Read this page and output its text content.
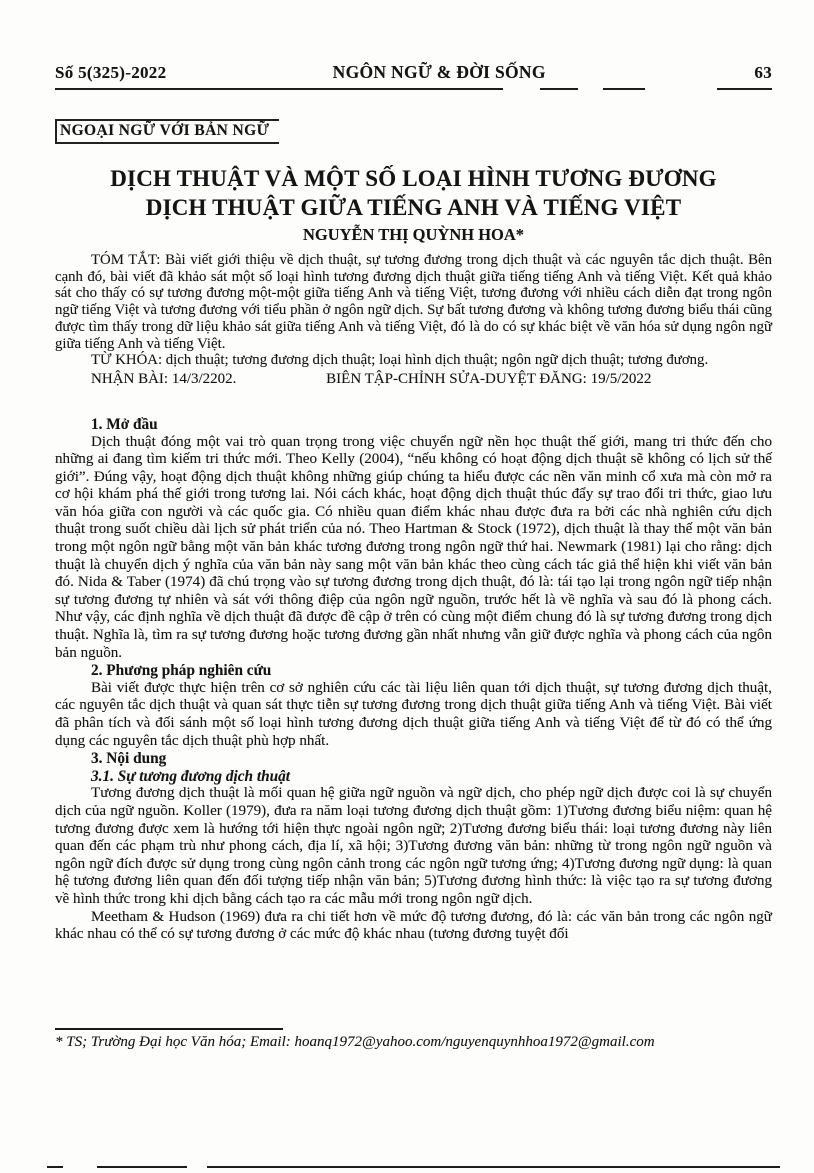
Số 5(325)-2022	NGÔN NGỮ & ĐỜI SỐNG	63
NGOẠI NGỮ VỚI BẢN NGỮ
DỊCH THUẬT VÀ MỘT SỐ LOẠI HÌNH TƯƠNG ĐƯƠNG
DỊCH THUẬT GIỮA TIẾNG ANH VÀ TIẾNG VIỆT
NGUYỄN THỊ QUỲNH HOA*

TÓM TẮT: Bài viết giới thiệu về dịch thuật, sự tương đương trong dịch thuật và các nguyên tắc dịch thuật. Bên cạnh đó, bài viết đã khảo sát một số loại hình tương đương dịch thuật giữa tiếng tiếng Anh và tiếng Việt. Kết quả khảo sát cho thấy có sự tương đương một-một giữa tiếng Anh và tiếng Việt, tương đương với nhiều cách diễn đạt trong ngôn ngữ tiếng Việt và tương đương với tiểu phần ở ngôn ngữ dịch. Sự bất tương đương và không tương đương biểu thái cũng được tìm thấy trong dữ liệu khảo sát giữa tiếng Anh và tiếng Việt, đó là do có sự khác biệt về văn hóa sử dụng ngôn ngữ giữa tiếng Anh và tiếng Việt.

TỪ KHÓA: dịch thuật; tương đương dịch thuật; loại hình dịch thuật; ngôn ngữ dịch thuật; tương đương.

NHẬN BÀI: 14/3/2202.	BIÊN TẬP-CHỈNH SỬA-DUYỆT ĐĂNG: 19/5/2022
1. Mở đầu

Dịch thuật đóng một vai trò quan trọng trong việc chuyển ngữ nền học thuật thế giới, mang tri thức đến cho những ai đang tìm kiếm tri thức mới. Theo Kelly (2004), “nếu không có hoạt động dịch thuật sẽ không có lịch sử thế giới”. Đúng vậy, hoạt động dịch thuật không những giúp chúng ta hiểu được các nền văn minh cổ xưa mà còn mở ra cơ hội khám phá thế giới trong tương lai. Nói cách khác, hoạt động dịch thuật thúc đẩy sự trao đổi tri thức, giao lưu văn hóa giữa con người và các quốc gia. Có nhiều quan điểm khác nhau được đưa ra bởi các nhà nghiên cứu dịch thuật trong suốt chiều dài lịch sử phát triển của nó. Theo Hartman & Stock (1972), dịch thuật là thay thế một văn bản trong một ngôn ngữ bằng một văn bản khác tương đương trong ngôn ngữ thứ hai. Newmark (1981) lại cho rằng: dịch thuật là chuyển dịch ý nghĩa của văn bản này sang một văn bản khác theo cùng cách tác giả thể hiện khi viết văn bản đó. Nida & Taber (1974) đã chú trọng vào sự tương đương trong dịch thuật, đó là: tái tạo lại trong ngôn ngữ tiếp nhận sự tương đương tự nhiên và sát với thông điệp của ngôn ngữ nguồn, trước hết là về nghĩa và sau đó là phong cách. Như vậy, các định nghĩa về dịch thuật đã được đề cập ở trên có cùng một điểm chung đó là sự tương đương trong dịch thuật. Nghĩa là, tìm ra sự tương đương hoặc tương đương gần nhất nhưng vẫn giữ được nghĩa và phong cách của ngôn bản nguồn.

2. Phương pháp nghiên cứu

Bài viết được thực hiện trên cơ sở nghiên cứu các tài liệu liên quan tới dịch thuật, sự tương đương dịch thuật, các nguyên tắc dịch thuật và quan sát thực tiễn sự tương đương trong dịch thuật giữa tiếng Anh và tiếng Việt. Bài viết đã phân tích và đối sánh một số loại hình tương đương dịch thuật giữa tiếng Anh và tiếng Việt để từ đó có thể ứng dụng các nguyên tắc dịch thuật phù hợp nhất.

3. Nội dung
3.1. Sự tương đương dịch thuật

Tương đương dịch thuật là mối quan hệ giữa ngữ nguồn và ngữ dịch, cho phép ngữ dịch được coi là sự chuyển dịch của ngữ nguồn. Koller (1979), đưa ra năm loại tương đương dịch thuật gồm: 1)Tương đương biểu niệm: quan hệ tương đương được xem là hướng tới hiện thực ngoài ngôn ngữ; 2)Tương đương biểu thái: loại tương đương này liên quan đến các phạm trù như phong cách, địa lí, xã hội; 3)Tương đương văn bản: những từ trong ngôn ngữ nguồn và ngôn ngữ đích được sử dụng trong cùng ngôn cảnh trong các ngôn ngữ tương ứng; 4)Tương đương ngữ dụng: là quan hệ tương đương liên quan đến đối tượng tiếp nhận văn bản; 5)Tương đương hình thức: là việc tạo ra sự tương đương về hình thức trong khi dịch bằng cách tạo ra các mẫu mới trong ngôn ngữ dịch.

Meetham & Hudson (1969) đưa ra chi tiết hơn về mức độ tương đương, đó là: các văn bản trong các ngôn ngữ khác nhau có thể có sự tương đương ở các mức độ khác nhau (tương đương tuyệt đối

* TS; Trường Đại học Văn hóa; Email: hoanq1972@yahoo.com/nguyenquynhhoa1972@gmail.com
